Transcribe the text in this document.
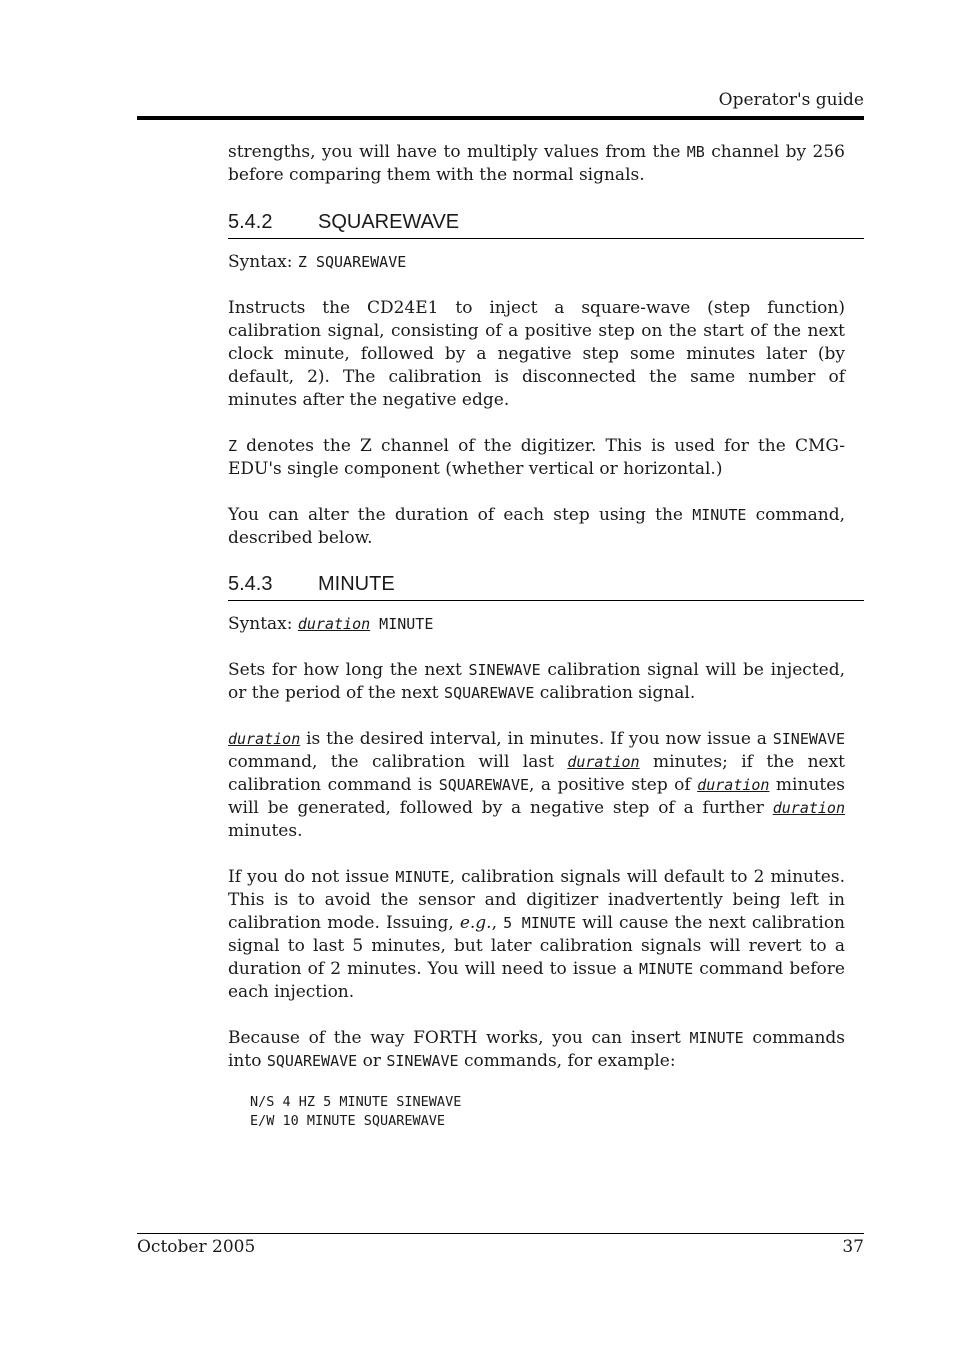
Operator's guide

strengths, you will have to multiply values from the MB channel by 256 before comparing them with the normal signals.

5.4.2 SQUAREWAVE

Syntax: Z SQUAREWAVE

Instructs the CD24E1 to inject a square-wave (step function) calibration signal, consisting of a positive step on the start of the next clock minute, followed by a negative step some minutes later (by default, 2). The calibration is disconnected the same number of minutes after the negative edge.

Z denotes the Z channel of the digitizer. This is used for the CMG-EDU's single component (whether vertical or horizontal.)

You can alter the duration of each step using the MINUTE command, described below.

5.4.3 MINUTE

Syntax: duration MINUTE

Sets for how long the next SINEWAVE calibration signal will be injected, or the period of the next SQUAREWAVE calibration signal.

duration is the desired interval, in minutes. If you now issue a SINEWAVE command, the calibration will last duration minutes; if the next calibration command is SQUAREWAVE, a positive step of duration minutes will be generated, followed by a negative step of a further duration minutes.

If you do not issue MINUTE, calibration signals will default to 2 minutes. This is to avoid the sensor and digitizer inadvertently being left in calibration mode. Issuing, e.g., 5 MINUTE will cause the next calibration signal to last 5 minutes, but later calibration signals will revert to a duration of 2 minutes. You will need to issue a MINUTE command before each injection.

Because of the way FORTH works, you can insert MINUTE commands into SQUAREWAVE or SINEWAVE commands, for example:

N/S 4 HZ 5 MINUTE SINEWAVE
E/W 10 MINUTE SQUAREWAVE
October 2005	37
